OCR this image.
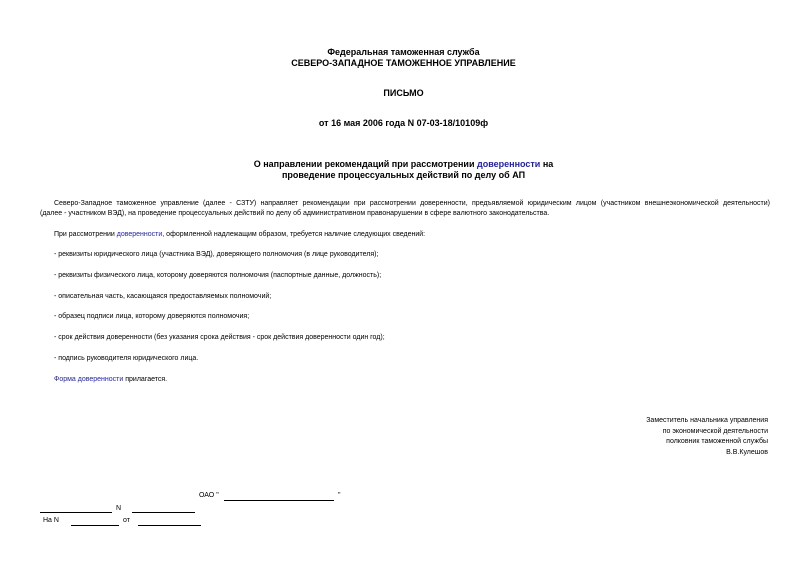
Федеральная таможенная служба
СЕВЕРО-ЗАПАДНОЕ ТАМОЖЕННОЕ УПРАВЛЕНИЕ
ПИСЬМО
от 16 мая 2006 года N 07-03-18/10109ф
О направлении рекомендаций при рассмотрении доверенности на
проведение процессуальных действий по делу об АП
Северо-Западное таможенное управление (далее - СЗТУ) направляет рекомендации при рассмотрении доверенности, предъявляемой юридическим лицом (участником внешнеэкономической деятельности)
(далее - участником ВЭД), на проведение процессуальных действий по делу об административном правонарушении в сфере валютного законодательства.
При рассмотрении доверенности, оформленной надлежащим образом, требуется наличие следующих сведений:
- реквизиты юридического лица (участника ВЭД), доверяющего полномочия (в лице руководителя);
- реквизиты физического лица, которому доверяются полномочия (паспортные данные, должность);
- описательная часть, касающаяся предоставляемых полномочий;
- образец подписи лица, которому доверяются полномочия;
- срок действия доверенности (без указания срока действия - срок действия доверенности один год);
- подпись руководителя юридического лица.
Форма доверенности прилагается.
Заместитель начальника управления
по экономической деятельности
полковник таможенной службы
В.В.Кулешов
ОАО "	"
N
На N	от
